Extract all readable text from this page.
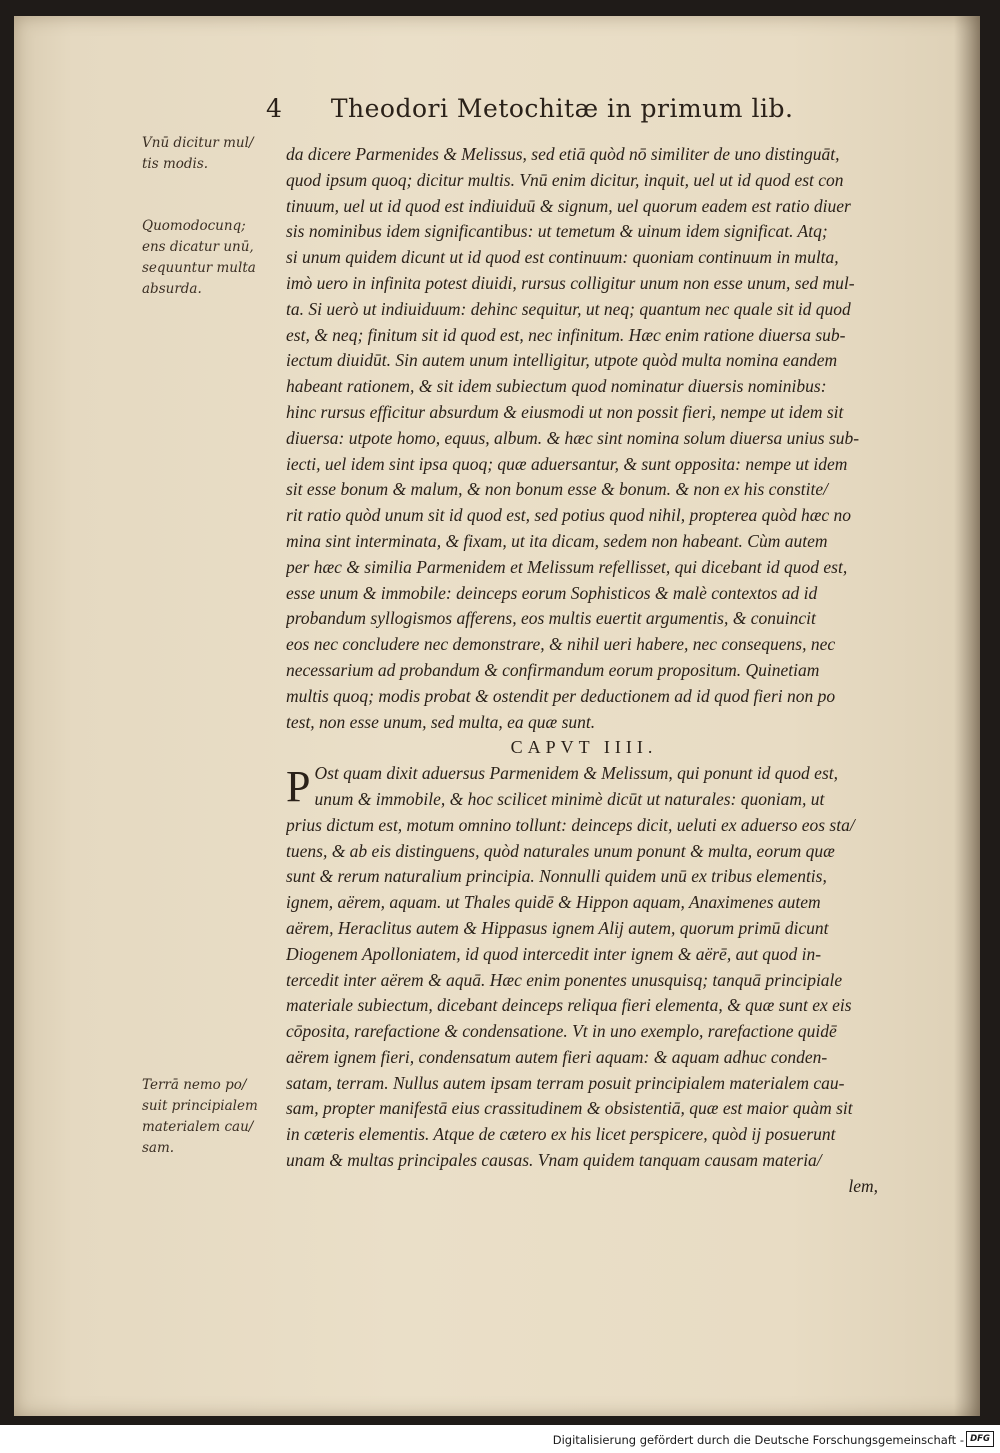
4 Theodori Metochitæ in primum lib.
Vnū dicitur mul/
tis modis.
Quomodocunq;
ens dicatur unū,
sequuntur multa
absurda.
Terrā nemo po/
suit principialem
materialem cau/
sam.
da dicere Parmenides & Melissus, sed etiā quòd nō similiter de uno distinguāt,
quod ipsum quoq; dicitur multis. Vnū enim dicitur, inquit, uel ut id quod est con
tinuum, uel ut id quod est indiuiduū & signum, uel quorum eadem est ratio diuer
sis nominibus idem significantibus: ut temetum & uinum idem significat. Atq;
si unum quidem dicunt ut id quod est continuum: quoniam continuum in multa,
imò uero in infinita potest diuidi, rursus colligitur unum non esse unum, sed mul-
ta. Si uerò ut indiuiduum: dehinc sequitur, ut neq; quantum nec quale sit id quod
est, & neq; finitum sit id quod est, nec infinitum. Hæc enim ratione diuersa sub-
iectum diuidūt. Sin autem unum intelligitur, utpote quòd multa nomina eandem
habeant rationem, & sit idem subiectum quod nominatur diuersis nominibus:
hinc rursus efficitur absurdum & eiusmodi ut non possit fieri, nempe ut idem sit
diuersa: utpote homo, equus, album. & hæc sint nomina solum diuersa unius sub-
iecti, uel idem sint ipsa quoq; quæ aduersantur, & sunt opposita: nempe ut idem
sit esse bonum & malum, & non bonum esse & bonum. & non ex his constite/
rit ratio quòd unum sit id quod est, sed potius quod nihil, propterea quòd hæc no
mina sint interminata, & fixam, ut ita dicam, sedem non habeant. Cùm autem
per hæc & similia Parmenidem et Melissum refellisset, qui dicebant id quod est,
esse unum & immobile: deinceps eorum Sophisticos & malè contextos ad id
probandum syllogismos afferens, eos multis euertit argumentis, & conuincit
eos nec concludere nec demonstrare, & nihil ueri habere, nec consequens, nec
necessarium ad probandum & confirmandum eorum propositum. Quinetiam
multis quoq; modis probat & ostendit per deductionem ad id quod fieri non po
test, non esse unum, sed multa, ea quæ sunt.
CAPVT IIII.
P Ost quam dixit aduersus Parmenidem & Melissum, qui ponunt id quod est,
unum & immobile, & hoc scilicet minimè dicūt ut naturales: quoniam, ut
prius dictum est, motum omnino tollunt: deinceps dicit, ueluti ex aduerso eos sta/
tuens, & ab eis distinguens, quòd naturales unum ponunt & multa, eorum quæ
sunt & rerum naturalium principia. Nonnulli quidem unū ex tribus elementis,
ignem, aërem, aquam. ut Thales quidē & Hippon aquam, Anaximenes autem
aërem, Heraclitus autem & Hippasus ignem Alij autem, quorum primū dicunt
Diogenem Apolloniatem, id quod intercedit inter ignem & aërē, aut quod in-
tercedit inter aërem & aquā. Hæc enim ponentes unusquisq; tanquā principiale
materiale subiectum, dicebant deinceps reliqua fieri elementa, & quæ sunt ex eis
cōposita, rarefactione & condensatione. Vt in uno exemplo, rarefactione quidē
aërem ignem fieri, condensatum autem fieri aquam: & aquam adhuc conden-
satam, terram. Nullus autem ipsam terram posuit principialem materialem cau-
sam, propter manifestā eius crassitudinem & obsistentiā, quæ est maior quàm sit
in cæteris elementis. Atque de cætero ex his licet perspicere, quòd ij posuerunt
unam & multas principales causas. Vnam quidem tanquam causam materia/
lem,
Digitalisierung gefördert durch die Deutsche Forschungsgemeinschaft - DFG
